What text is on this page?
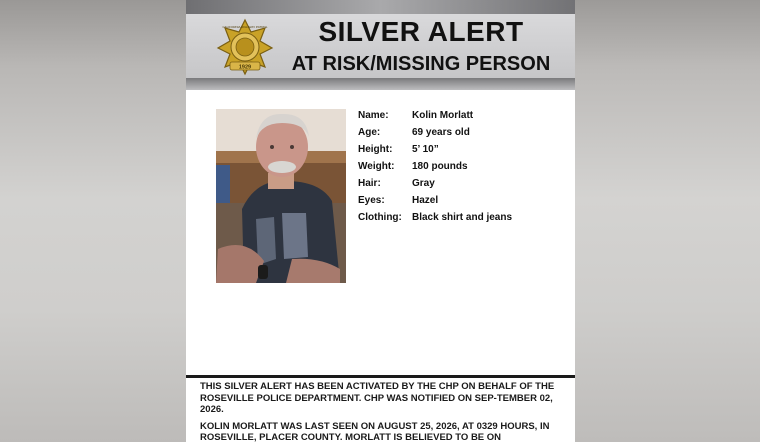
1929
CALIFORNIA HIGHWAY PATROL	SILVER ALERT
AT RISK/MISSING PERSON
Name: Kolin Morlatt
Age:	69 years old
Height: 5’ 10”
Weight: 180 pounds
Hair:	Gray
Eyes:	Hazel
Clothing: Black shirt and jeans

THIS SILVER ALERT HAS BEEN ACTIVATED BY THE CHP ON BEHALF OF THE ROSEVILLE POLICE DEPARTMENT. CHP WAS NOTIFIED ON SEP-TEMBER 02, 2026.

KOLIN MORLATT WAS LAST SEEN ON AUGUST 25, 2026, AT 0329 HOURS, IN ROSEVILLE, PLACER COUNTY. MORLATT IS BELIEVED TO BE ON
